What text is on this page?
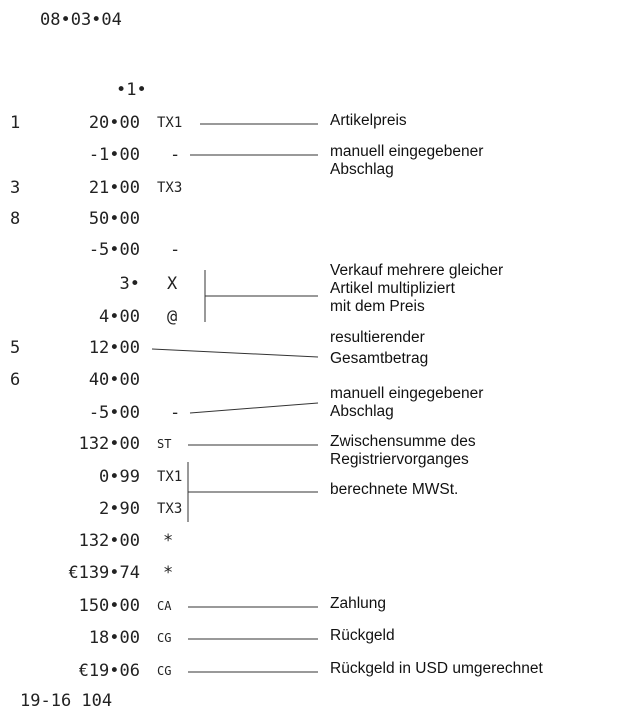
08•03•04
•1•
1
3
8
5
6
20•00
-1•00
21•00
50•00
-5•00
3•
4•00
12•00
40•00
-5•00
132•00
0•99
2•90
132•00
€139•74
150•00
18•00
€19•06
TX1
-
TX3
-
X
@
-
ST
TX1
TX3
*
*
CA
CG
CG
19-16 104
Artikelpreis
manuell eingegebener
Abschlag
Verkauf mehrere gleicher
Artikel multipliziert
mit dem Preis
resultierender
Gesamtbetrag
manuell eingegebener
Abschlag
Zwischensumme des
Registriervorganges
berechnete MWSt.
Zahlung
Rückgeld
Rückgeld in USD umgerechnet
